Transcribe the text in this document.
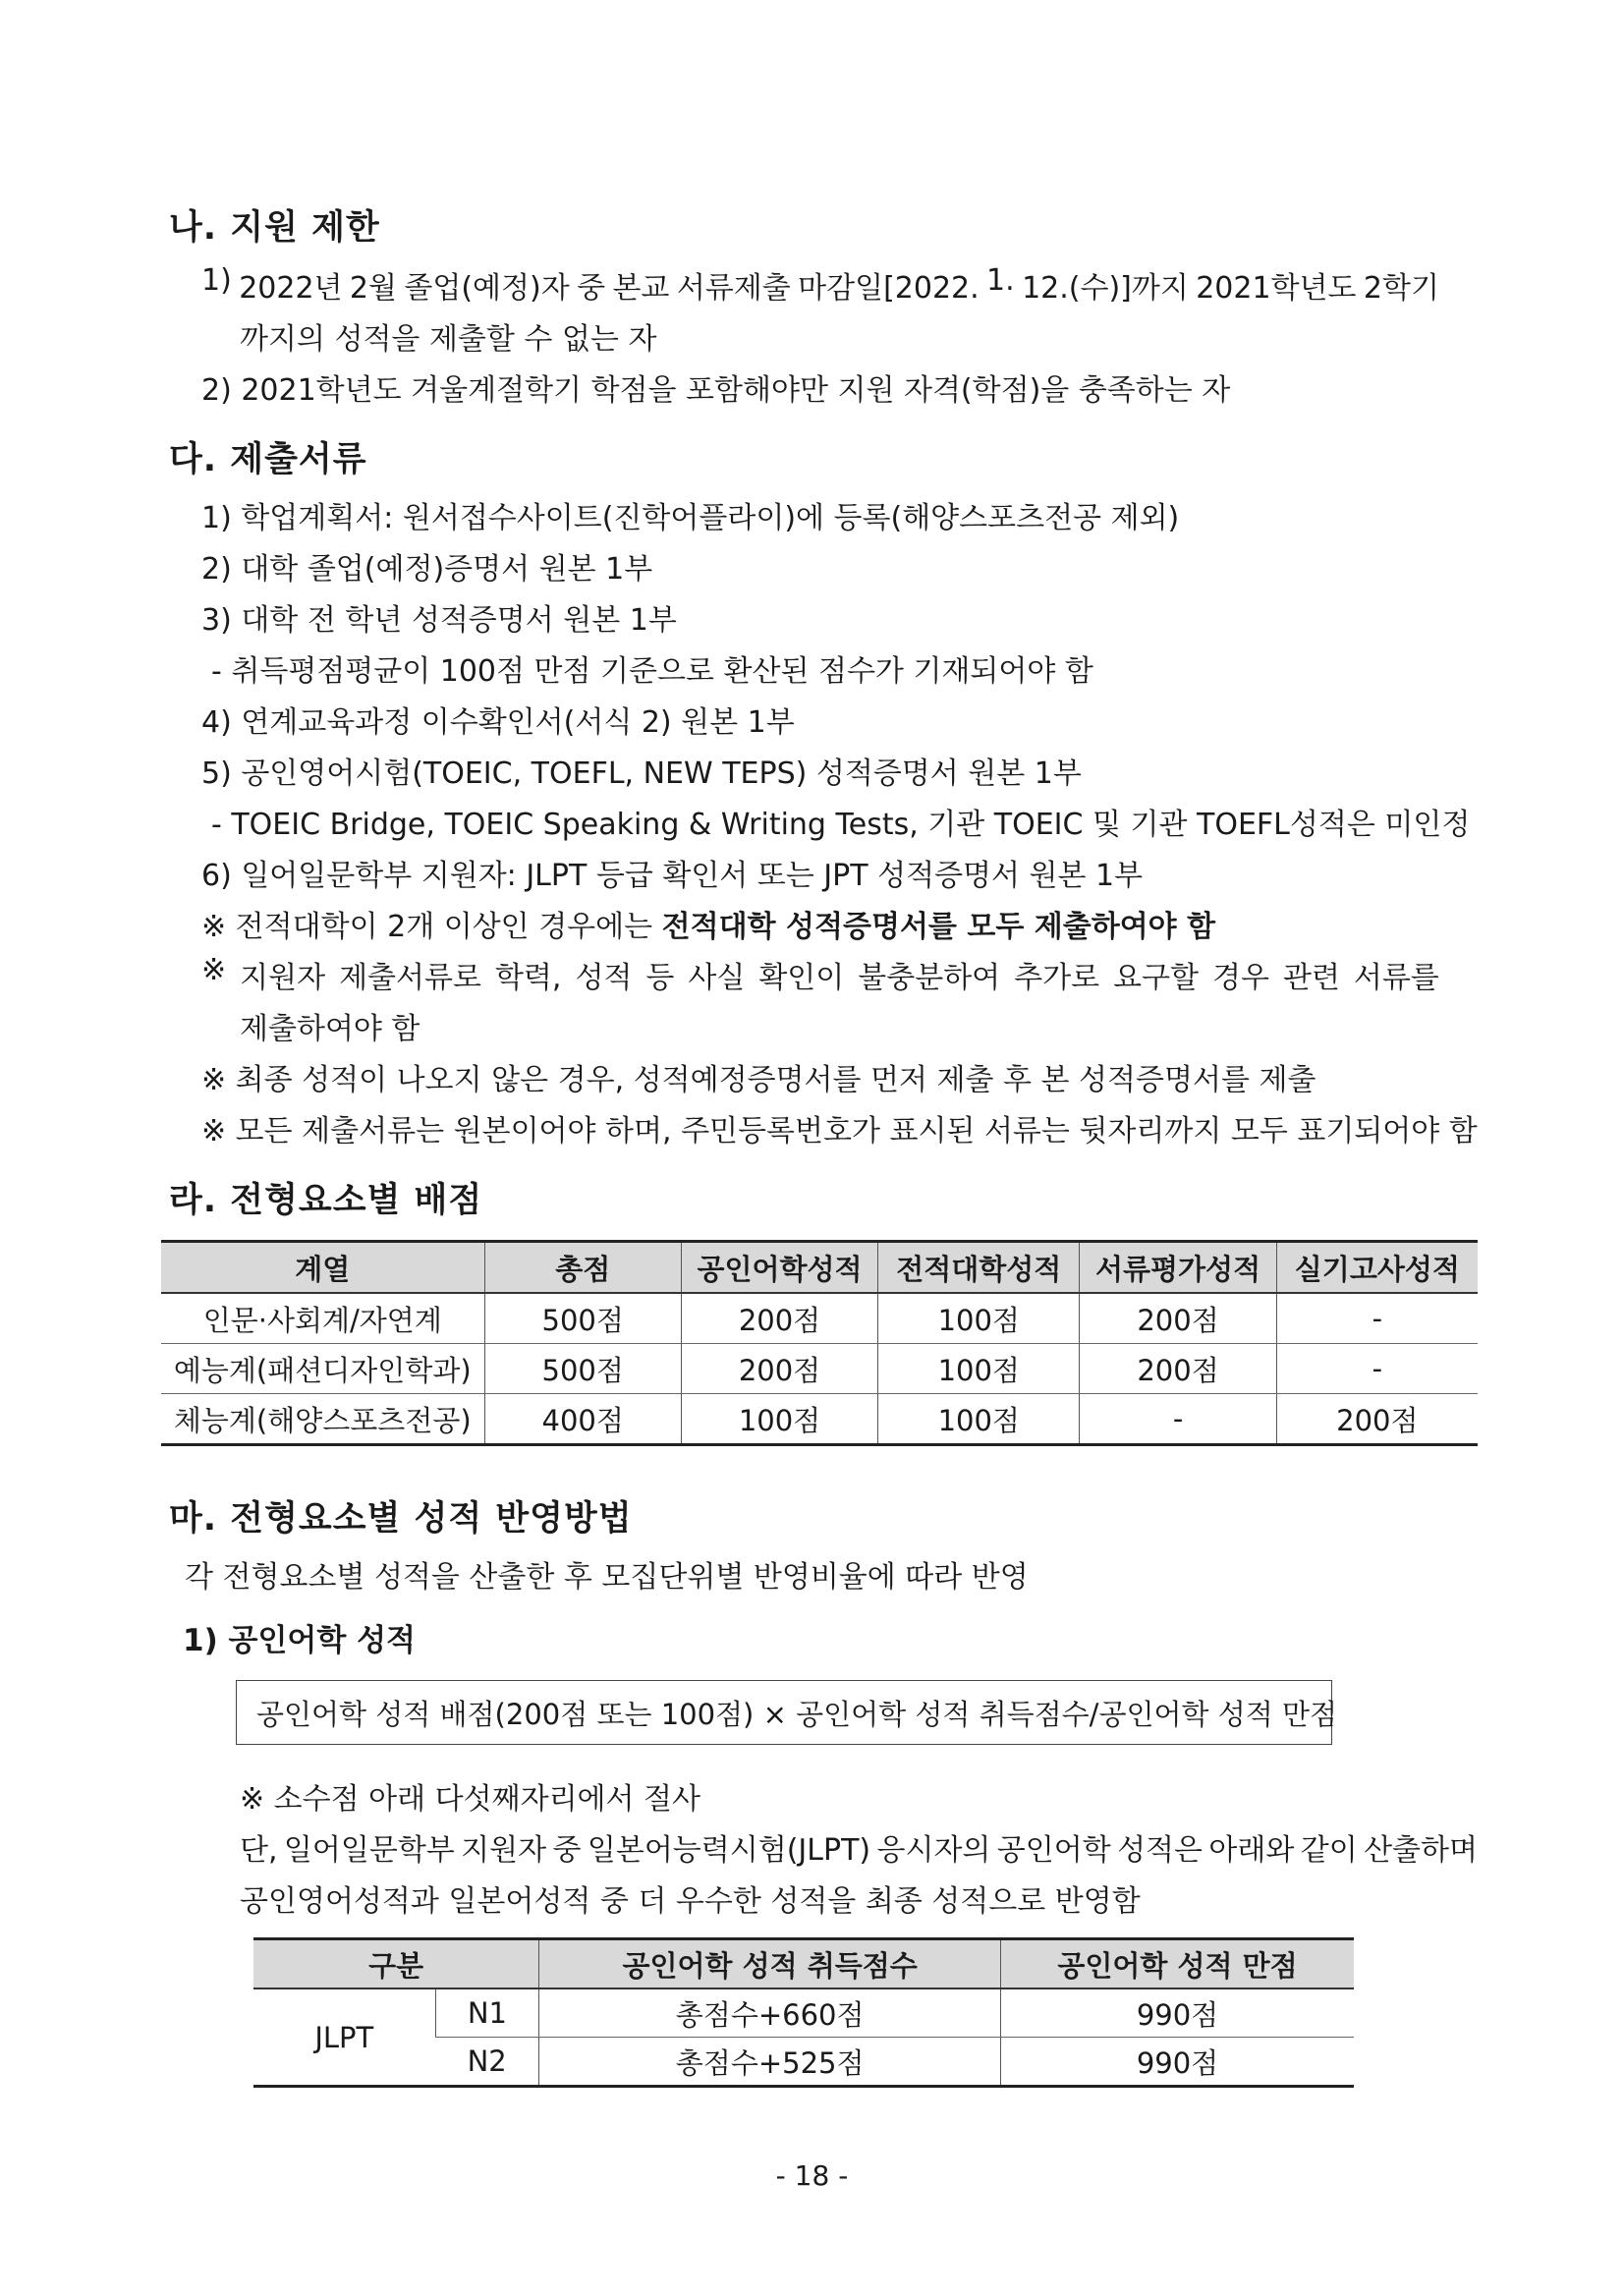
나. 지원 제한
1) 2022년 2월 졸업(예정)자 중 본교 서류제출 마감일[2022. 1. 12.(수)]까지 2021학년도 2학기
까지의 성적을 제출할 수 없는 자
2) 2021학년도 겨울계절학기 학점을 포함해야만 지원 자격(학점)을 충족하는 자
다. 제출서류
1) 학업계획서: 원서접수사이트(진학어플라이)에 등록(해양스포츠전공 제외)
2) 대학 졸업(예정)증명서 원본 1부
3) 대학 전 학년 성적증명서 원본 1부
- 취득평점평균이 100점 만점 기준으로 환산된 점수가 기재되어야 함
4) 연계교육과정 이수확인서(서식 2) 원본 1부
5) 공인영어시험(TOEIC, TOEFL, NEW TEPS) 성적증명서 원본 1부
- TOEIC Bridge, TOEIC Speaking & Writing Tests, 기관 TOEIC 및 기관 TOEFL성적은 미인정
6) 일어일문학부 지원자: JLPT 등급 확인서 또는 JPT 성적증명서 원본 1부
※ 전적대학이 2개 이상인 경우에는 전적대학 성적증명서를 모두 제출하여야 함
※ 지원자 제출서류로 학력, 성적 등 사실 확인이 불충분하여 추가로 요구할 경우 관련 서류를
제출하여야 함
※ 최종 성적이 나오지 않은 경우, 성적예정증명서를 먼저 제출 후 본 성적증명서를 제출
※ 모든 제출서류는 원본이어야 하며, 주민등록번호가 표시된 서류는 뒷자리까지 모두 표기되어야 함
라. 전형요소별 배점
계열	총점	공인어학성적	전적대학성적	서류평가성적	실기고사성적
인문·사회계/자연계	500점	200점	100점	200점	-
예능계(패션디자인학과)	500점	200점	100점	200점	-
체능계(해양스포츠전공)	400점	100점	100점	-	200점
마. 전형요소별 성적 반영방법
각 전형요소별 성적을 산출한 후 모집단위별 반영비율에 따라 반영
1) 공인어학 성적
공인어학 성적 배점(200점 또는 100점) × 공인어학 성적 취득점수/공인어학 성적 만점
※ 소수점 아래 다섯째자리에서 절사
단, 일어일문학부 지원자 중 일본어능력시험(JLPT) 응시자의 공인어학 성적은 아래와 같이 산출하며
공인영어성적과 일본어성적 중 더 우수한 성적을 최종 성적으로 반영함
구분		공인어학 성적 취득점수	공인어학 성적 만점
JLPT	N1	총점수+660점	990점
	N2	총점수+525점	990점
- 18 -
